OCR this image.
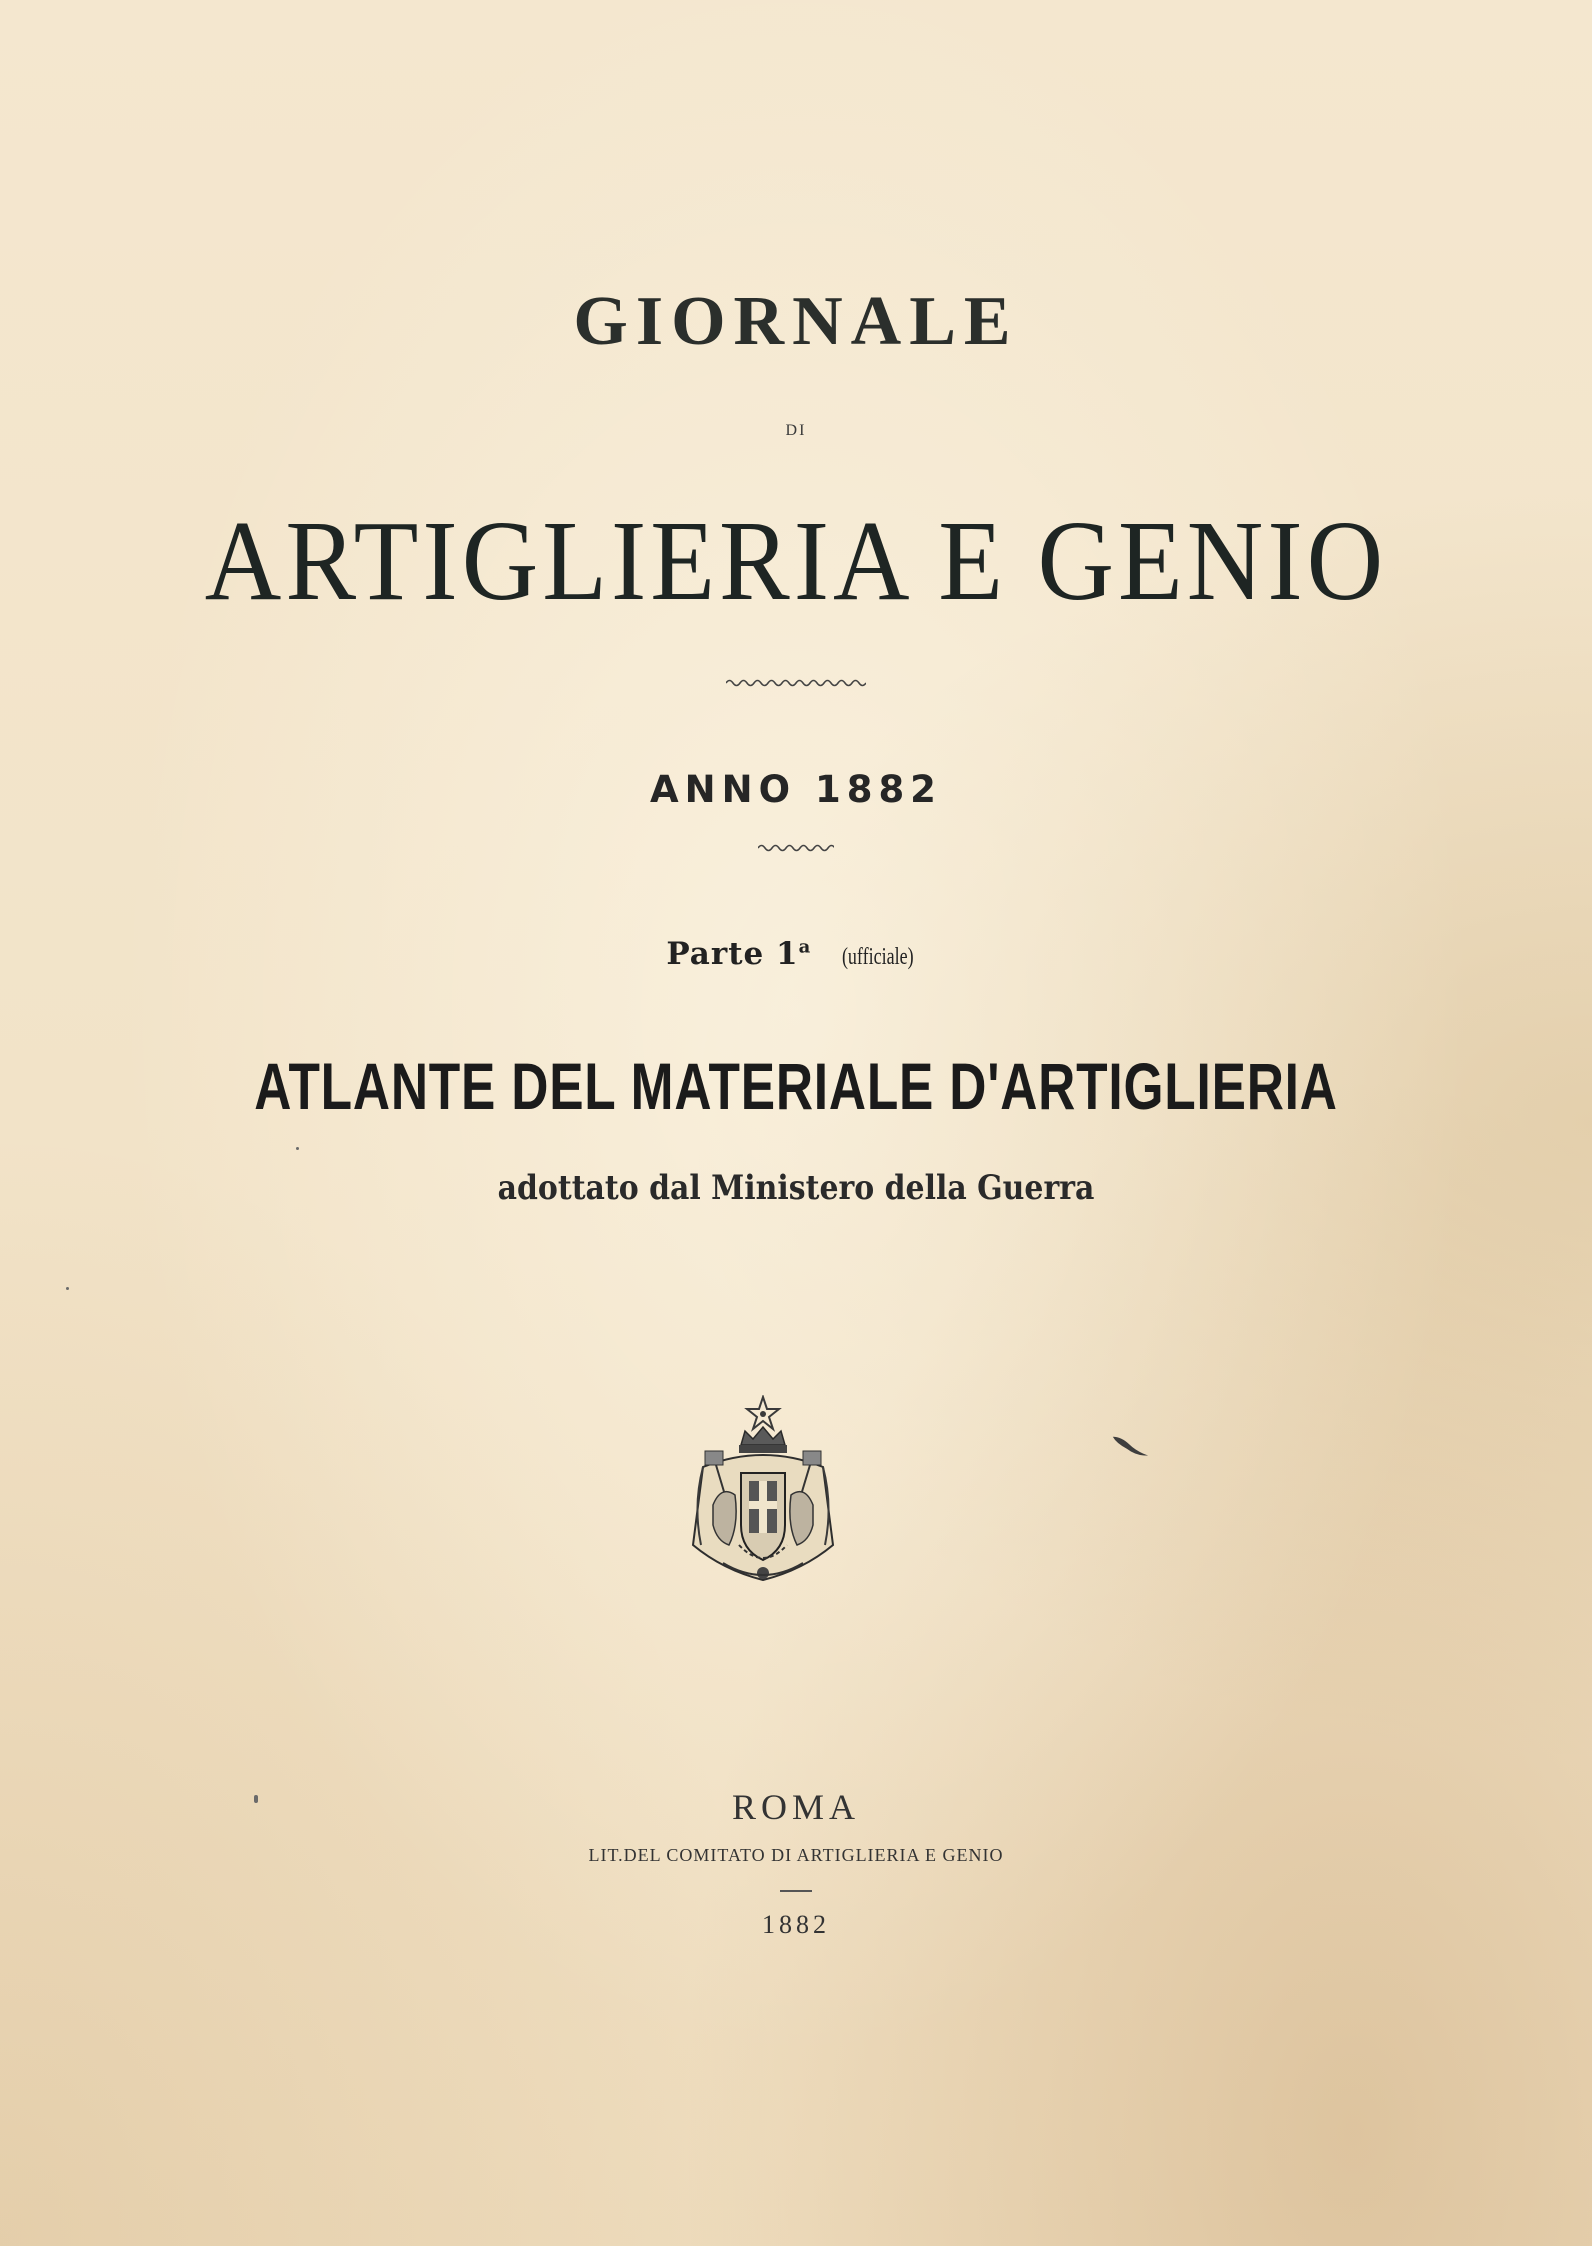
GIORNALE
DI
ARTIGLIERIA E GENIO
ANNO 1882
Parte 1$^a$ (ufficiale)
ATLANTE DEL MATERIALE D'ARTIGLIERIA
adottato dal Ministero della Guerra
ROMA
LIT.DEL COMITATO DI ARTIGLIERIA E GENIO
1882
